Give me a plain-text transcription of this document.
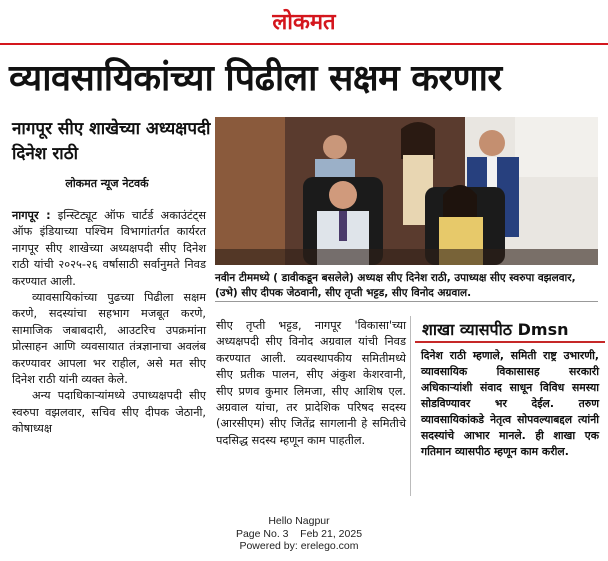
लोकमत
व्यावसायिकांच्या पिढीला सक्षम करणार
नागपूर सीए शाखेच्या अध्यक्षपदी दिनेश राठी
लोकमत न्यूज नेटवर्क
नवीन टीममध्ये ( डावीकडून बसलेले) अध्यक्ष सीए दिनेश राठी, उपाध्यक्ष सीए स्वरुपा वझलवार, (उभे) सीए दीपक जेठवानी, सीए तृप्ती भट्टड, सीए विनोद अग्रवाल.

नागपूर : इन्स्टिट्यूट ऑफ चार्टर्ड अकाउंटंट्स ऑफ इंडियाच्या पश्चिम विभागांतर्गत कार्यरत नागपूर सीए शाखेच्या अध्यक्षपदी सीए दिनेश राठी यांची २०२५-२६ वर्षासाठी सर्वानुमते निवड करण्यात आली.

व्यावसायिकांच्या पुढच्या पिढीला सक्षम करणे, सदस्यांचा सहभाग मजबूत करणे, सामाजिक जबाबदारी, आउटरिच उपक्रमांना प्रोत्साहन आणि व्यवसायात तंत्रज्ञानाचा अवलंब करण्यावर आपला भर राहील, असे मत सीए दिनेश राठी यांनी व्यक्त केले.

अन्य पदाधिकाऱ्यांमध्ये उपाध्यक्षपदी सीए स्वरुपा वझलवार, सचिव सीए दीपक जेठानी, कोषाध्यक्ष

सीए तृप्ती भट्टड, नागपूर 'विकासा'च्या अध्यक्षपदी सीए विनोद अग्रवाल यांची निवड करण्यात आली. व्यवस्थापकीय समितीमध्ये सीए प्रतीक पालन, सीए अंकुश केशरवानी, सीए प्रणव कुमार लिमजा, सीए आशिष एल. अग्रवाल यांचा, तर प्रादेशिक परिषद सदस्य (आरसीएम) सीए जितेंद्र सागलानी हे समितीचे पदसिद्ध सदस्य म्हणून काम पाहतील.

शाखा व्यासपीठ Dmsn
दिनेश राठी म्हणाले, समिती राष्ट्र उभारणी, व्यावसायिक विकासासह सरकारी अधिकाऱ्यांशी संवाद साधून विविध समस्या सोडविण्यावर भर देईल. तरुण व्यावसायिकांकडे नेतृत्व सोपवल्याबद्दल त्यांनी सदस्यांचे आभार मानले. ही शाखा एक गतिमान व्यासपीठ म्हणून काम करील.
Hello Nagpur
Page No. 3    Feb 21, 2025
Powered by: erelego.com
